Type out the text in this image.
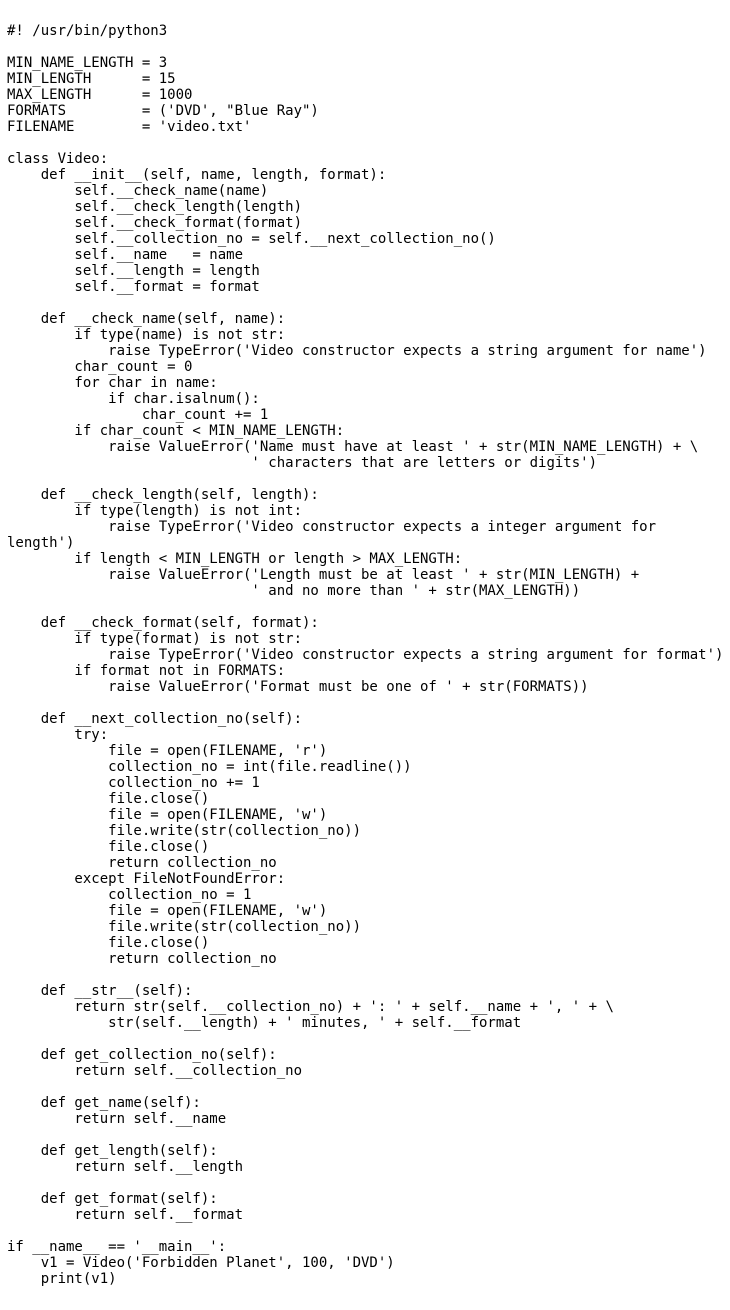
#! /usr/bin/python3
MIN_NAME_LENGTH = 3
MIN_LENGTH      = 15
MAX_LENGTH      = 1000
FORMATS         = ('DVD', "Blue Ray")
FILENAME        = 'video.txt'
class Video:
def __init__(self, name, length, format):
self.__check_name(name)
self.__check_length(length)
self.__check_format(format)
self.__collection_no = self.__next_collection_no()
self.__name   = name
self.__length = length
self.__format = format
def __check_name(self, name):
if type(name) is not str:
raise TypeError('Video constructor expects a string argument for name')
char_count = 0
for char in name:
if char.isalnum():
char_count += 1
if char_count < MIN_NAME_LENGTH:
raise ValueError('Name must have at least ' + str(MIN_NAME_LENGTH) + \
' characters that are letters or digits')
def __check_length(self, length):
if type(length) is not int:
raise TypeError('Video constructor expects a integer argument for
length')
if length < MIN_LENGTH or length > MAX_LENGTH:
raise ValueError('Length must be at least ' + str(MIN_LENGTH) +
' and no more than ' + str(MAX_LENGTH))
def __check_format(self, format):
if type(format) is not str:
raise TypeError('Video constructor expects a string argument for format')
if format not in FORMATS:
raise ValueError('Format must be one of ' + str(FORMATS))
def __next_collection_no(self):
try:
file = open(FILENAME, 'r')
collection_no = int(file.readline())
collection_no += 1
file.close()
file = open(FILENAME, 'w')
file.write(str(collection_no))
file.close()
return collection_no
except FileNotFoundError:
collection_no = 1
file = open(FILENAME, 'w')
file.write(str(collection_no))
file.close()
return collection_no
def __str__(self):
return str(self.__collection_no) + ': ' + self.__name + ', ' + \
str(self.__length) + ' minutes, ' + self.__format
def get_collection_no(self):
return self.__collection_no
def get_name(self):
return self.__name
def get_length(self):
return self.__length
def get_format(self):
return self.__format
if __name__ == '__main__':
v1 = Video('Forbidden Planet', 100, 'DVD')
print(v1)
